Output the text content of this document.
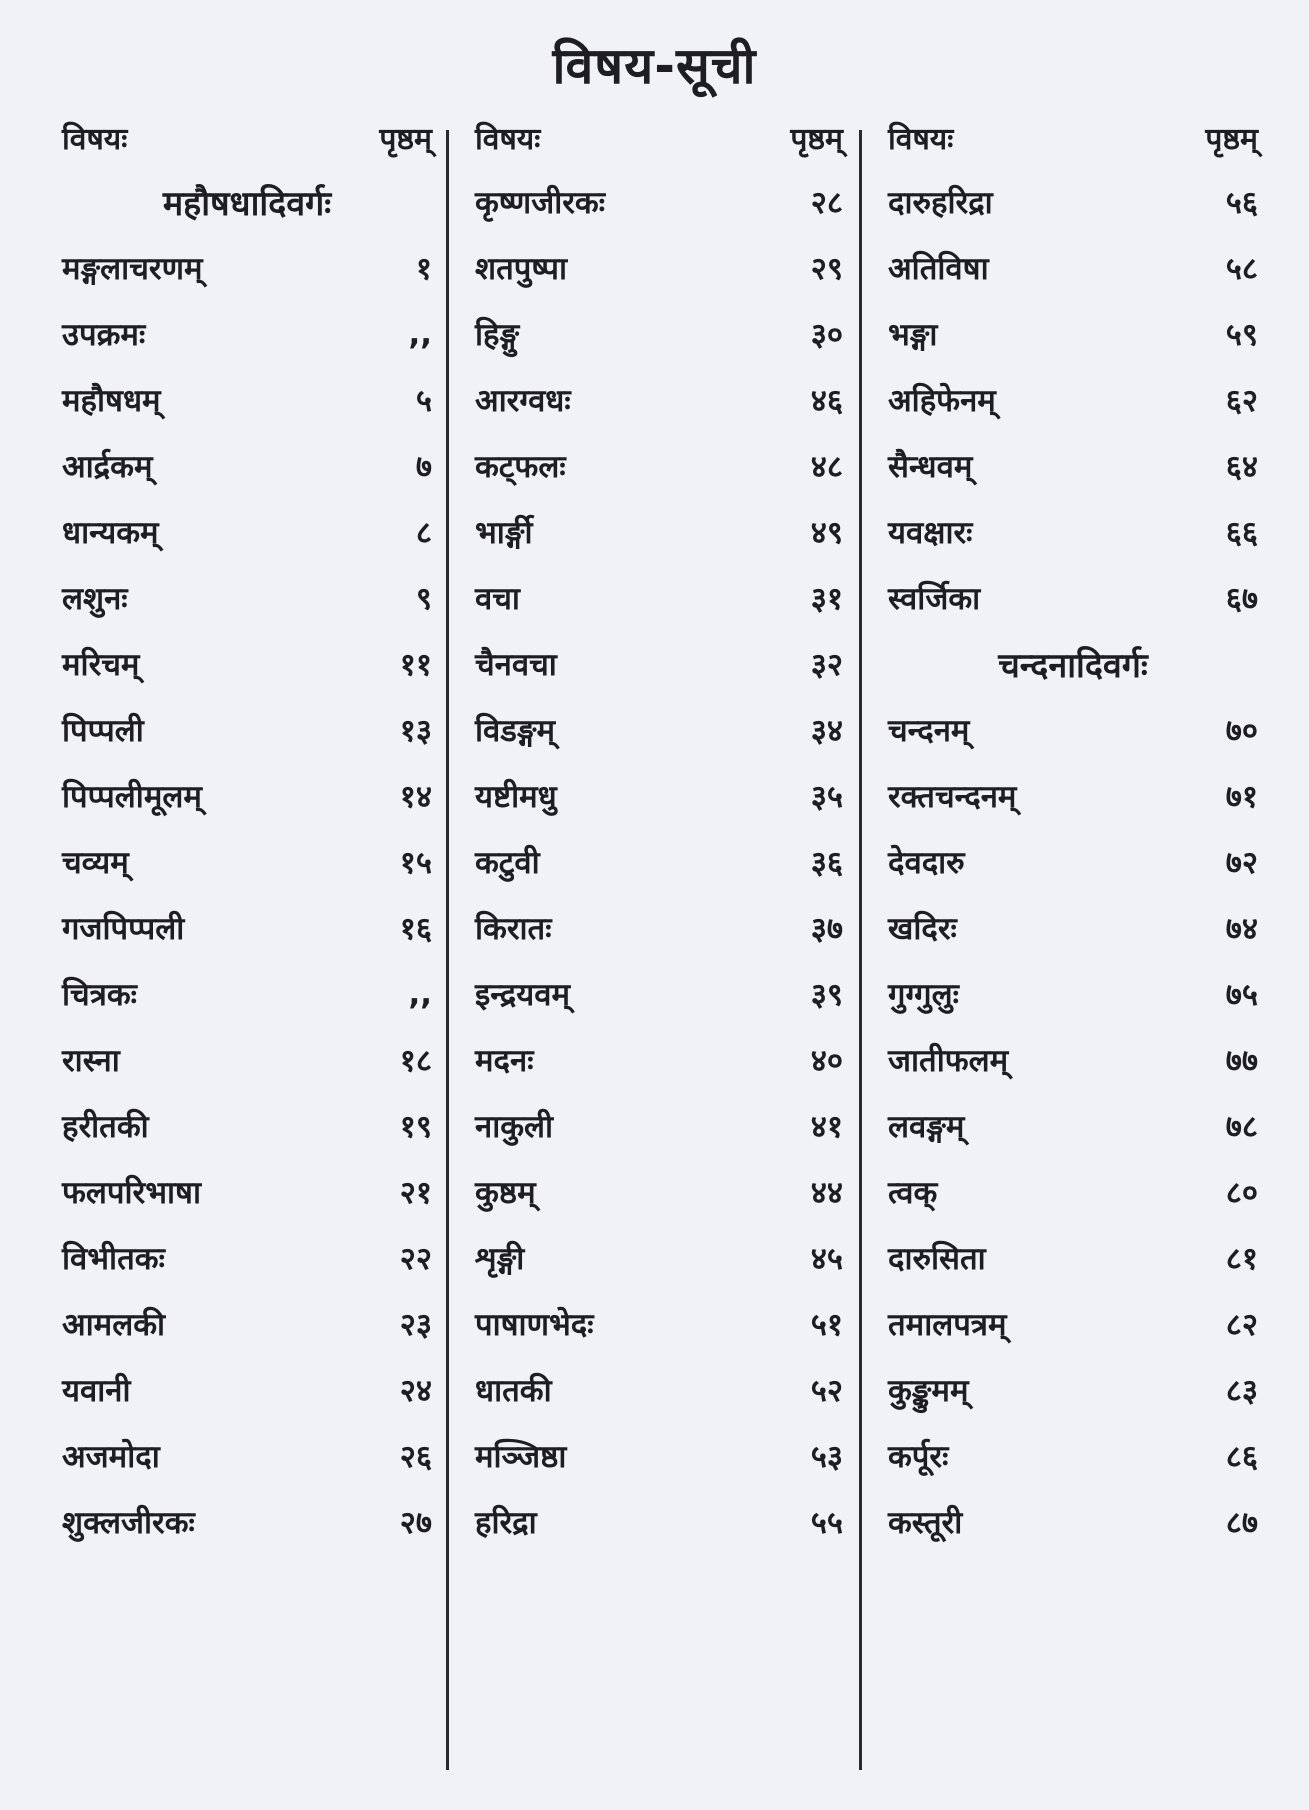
विषय-सूची
विषयः	पृष्ठम्
महौषधादिवर्गः
मङ्गलाचरणम्	१
उपक्रमः	,,
महौषधम्	५
आर्द्रकम्	७
धान्यकम्	८
लशुनः	९
मरिचम्	११
पिप्पली	१३
पिप्पलीमूलम्	१४
चव्यम्	१५
गजपिप्पली	१६
चित्रकः	,,
रास्ना	१८
हरीतकी	१९
फलपरिभाषा	२१
विभीतकः	२२
आमलकी	२३
यवानी	२४
अजमोदा	२६
शुक्लजीरकः	२७
विषयः	पृष्ठम्
कृष्णजीरकः	२८
शतपुष्पा	२९
हिङ्गु	३०
आरग्वधः	४६
कट्फलः	४८
भार्ङ्गी	४९
वचा	३१
चैनवचा	३२
विडङ्गम्	३४
यष्टीमधु	३५
कटुवी	३६
किरातः	३७
इन्द्रयवम्	३९
मदनः	४०
नाकुली	४१
कुष्ठम्	४४
शृङ्गी	४५
पाषाणभेदः	५१
धातकी	५२
मञ्जिष्ठा	५३
हरिद्रा	५५
विषयः	पृष्ठम्
दारुहरिद्रा	५६
अतिविषा	५८
भङ्गा	५९
अहिफेनम्	६२
सैन्धवम्	६४
यवक्षारः	६६
स्वर्जिका	६७
चन्दनादिवर्गः
चन्दनम्	७०
रक्तचन्दनम्	७१
देवदारु	७२
खदिरः	७४
गुग्गुलुः	७५
जातीफलम्	७७
लवङ्गम्	७८
त्वक्	८०
दारुसिता	८१
तमालपत्रम्	८२
कुङ्कुमम्	८३
कर्पूरः	८६
कस्तूरी	८७
